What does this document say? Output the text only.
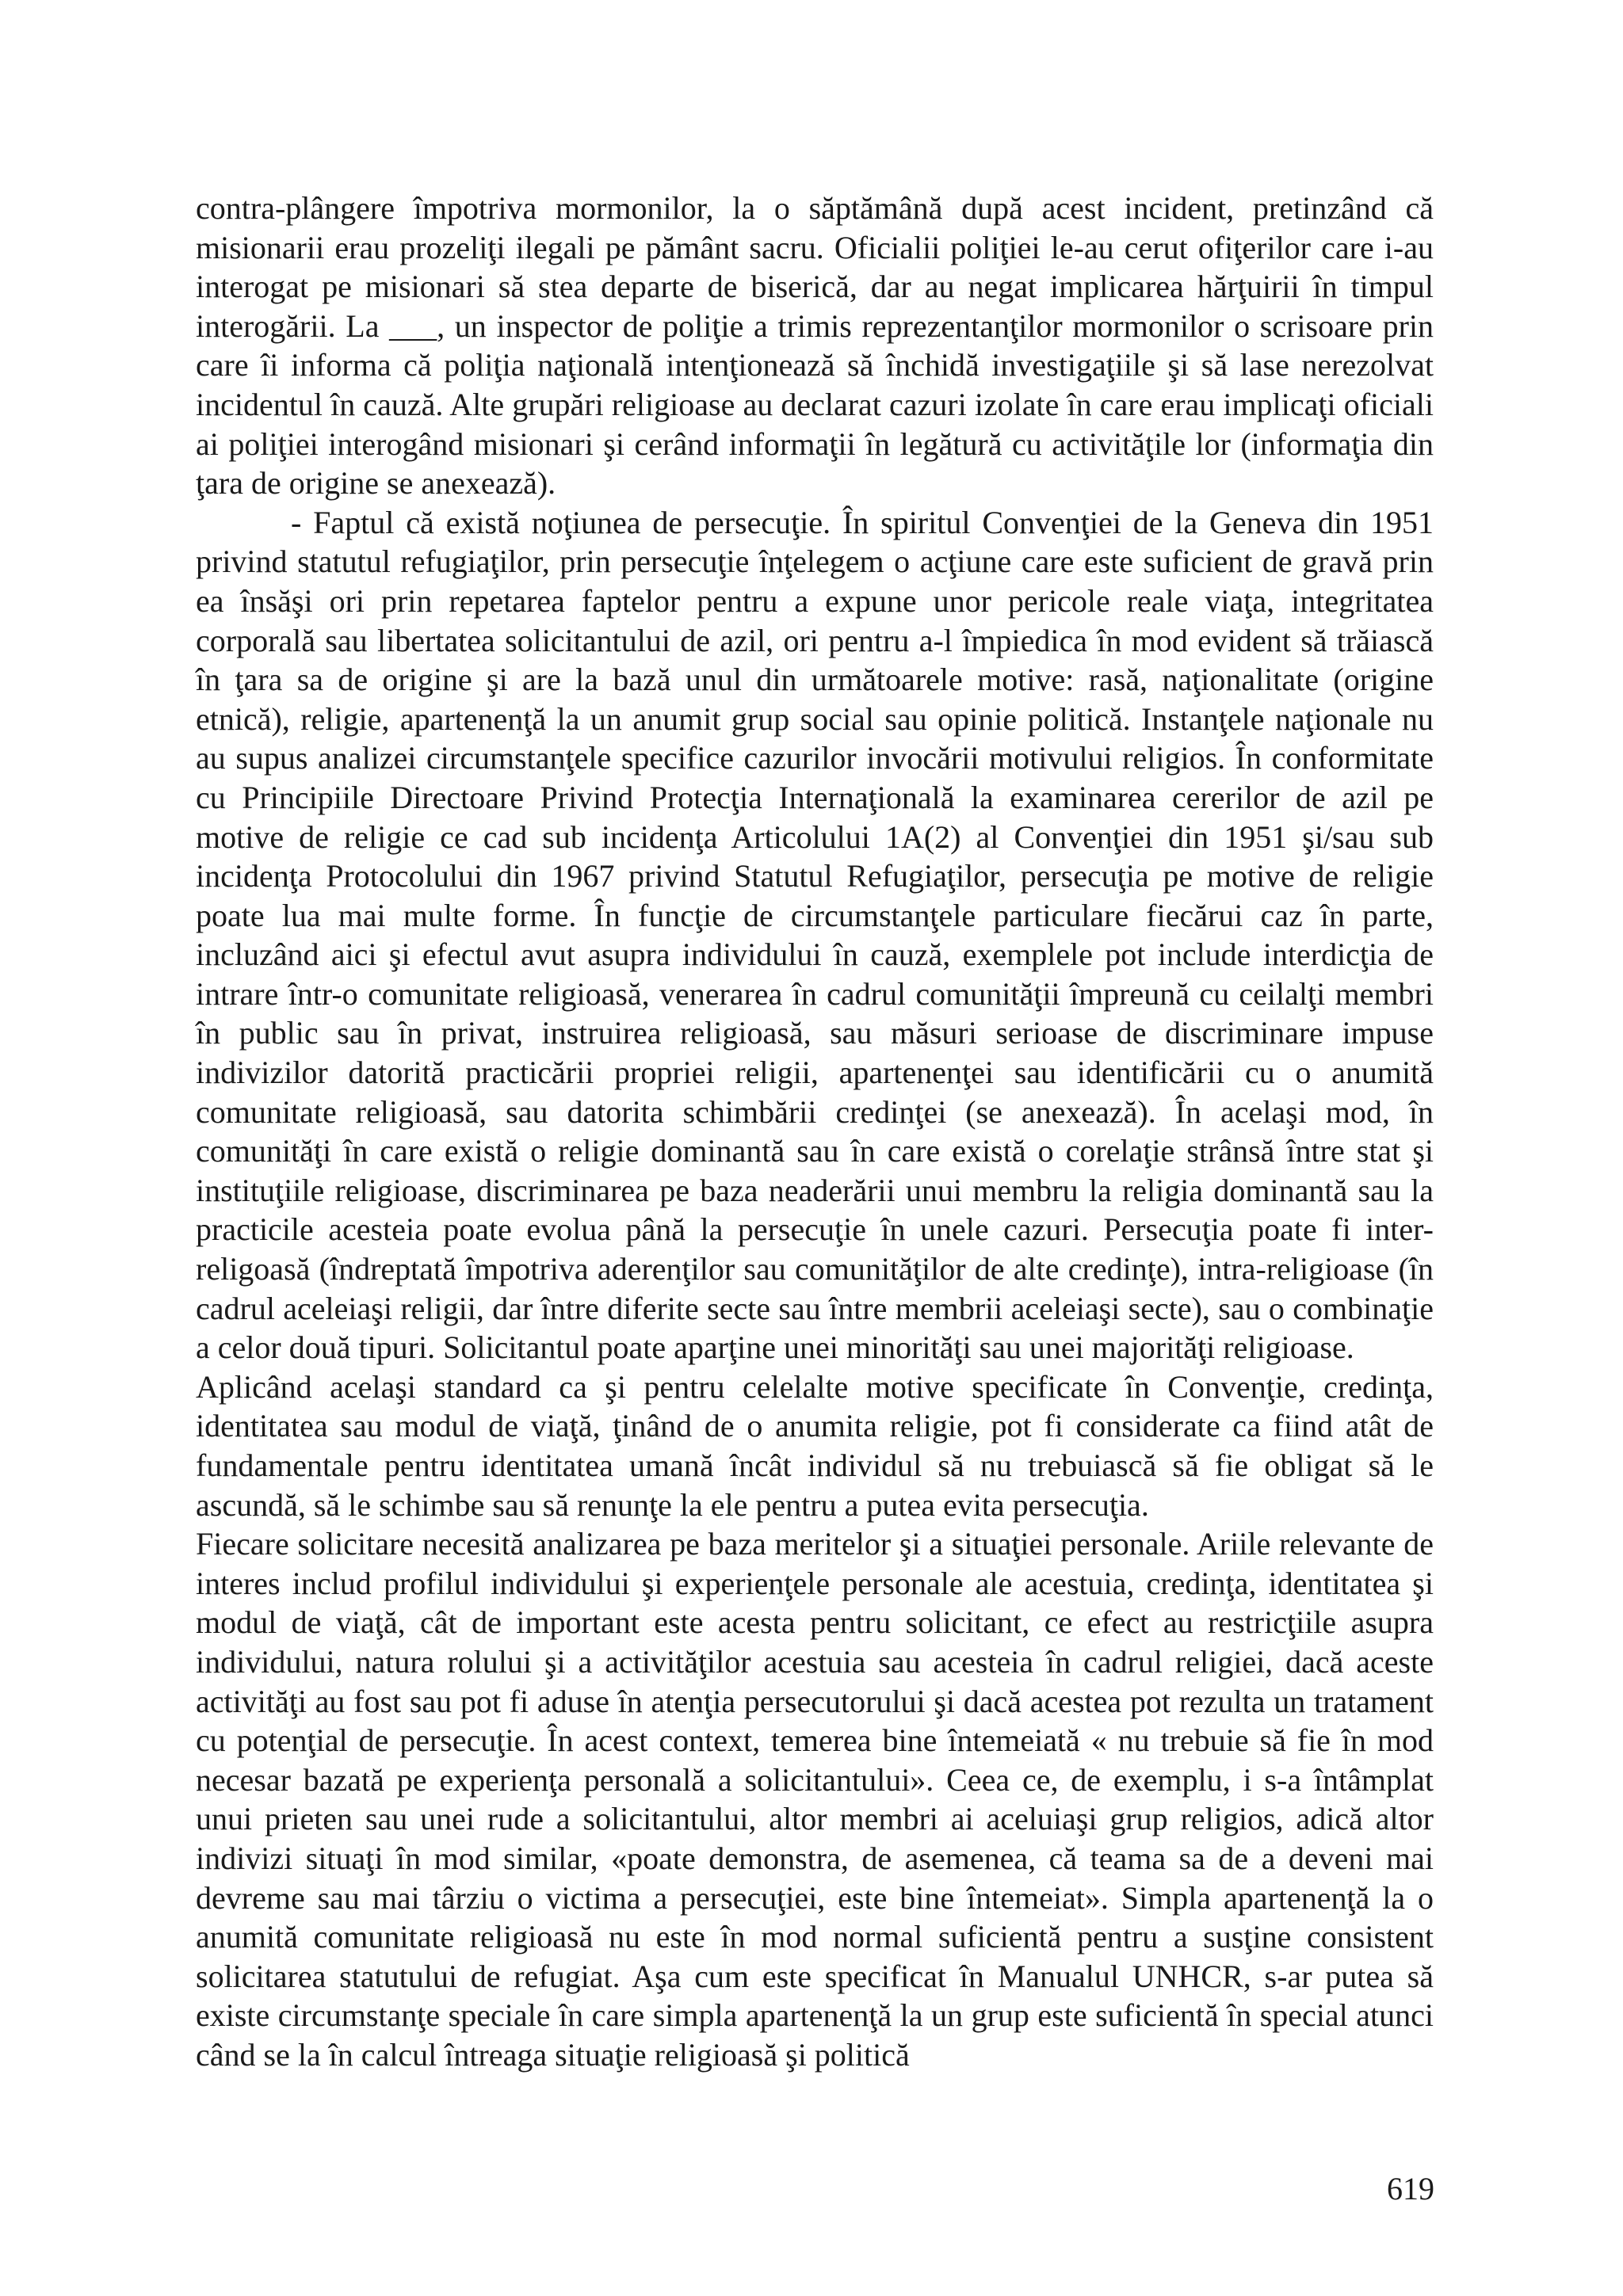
contra-plângere împotriva mormonilor, la o săptămână după acest incident, pretinzând că misionarii erau prozeliţi ilegali pe pământ sacru. Oficialii poliţiei le-au cerut ofiţerilor care i-au interogat pe misionari să stea departe de biserică, dar au negat implicarea hărţuirii în timpul interogării. La ___, un inspector de poliţie a trimis reprezentanţilor mormonilor o scrisoare prin care îi informa că poliţia naţională intenţionează să închidă investigaţiile şi să lase nerezolvat incidentul în cauză. Alte grupări religioase au declarat cazuri izolate în care erau implicaţi oficiali ai poliţiei interogând misionari şi cerând informaţii în legătură cu activităţile lor (informaţia din ţara de origine se anexează).

- Faptul că există noţiunea de persecuţie. În spiritul Convenţiei de la Geneva din 1951 privind statutul refugiaţilor, prin persecuţie înţelegem o acţiune care este suficient de gravă prin ea însăşi ori prin repetarea faptelor pentru a expune unor pericole reale viaţa, integritatea corporală sau libertatea solicitantului de azil, ori pentru a-l împiedica în mod evident să trăiască în ţara sa de origine şi are la bază unul din următoarele motive: rasă, naţionalitate (origine etnică), religie, apartenenţă la un anumit grup social sau opinie politică. Instanţele naţionale nu au supus analizei circumstanţele specifice cazurilor invocării motivului religios. În conformitate cu Principiile Directoare Privind Protecţia Internaţională la examinarea cererilor de azil pe motive de religie ce cad sub incidenţa Articolului 1A(2) al Convenţiei din 1951 şi/sau sub incidenţa Protocolului din 1967 privind Statutul Refugiaţilor, persecuţia pe motive de religie poate lua mai multe forme. În funcţie de circumstanţele particulare fiecărui caz în parte, incluzând aici şi efectul avut asupra individului în cauză, exemplele pot include interdicţia de intrare într-o comunitate religioasă, venerarea în cadrul comunităţii împreună cu ceilalţi membri în public sau în privat, instruirea religioasă, sau măsuri serioase de discriminare impuse indivizilor datorită practicării propriei religii, apartenenţei sau identificării cu o anumită comunitate religioasă, sau datorita schimbării credinţei (se anexează). În acelaşi mod, în comunităţi în care există o religie dominantă sau în care există o corelaţie strânsă între stat şi instituţiile religioase, discriminarea pe baza neaderării unui membru la religia dominantă sau la practicile acesteia poate evolua până la persecuţie în unele cazuri. Persecuţia poate fi inter-religoasă (îndreptată împotriva aderenţilor sau comunităţilor de alte credinţe), intra-religioase (în cadrul aceleiaşi religii, dar între diferite secte sau între membrii aceleiaşi secte), sau o combinaţie a celor două tipuri. Solicitantul poate aparţine unei minorităţi sau unei majorităţi religioase.

Aplicând acelaşi standard ca şi pentru celelalte motive specificate în Convenţie, credinţa, identitatea sau modul de viaţă, ţinând de o anumita religie, pot fi considerate ca fiind atât de fundamentale pentru identitatea umană încât individul să nu trebuiască să fie obligat să le ascundă, să le schimbe sau să renunţe la ele pentru a putea evita persecuţia.

Fiecare solicitare necesită analizarea pe baza meritelor şi a situaţiei personale. Ariile relevante de interes includ profilul individului şi experienţele personale ale acestuia, credinţa, identitatea şi modul de viaţă, cât de important este acesta pentru solicitant, ce efect au restricţiile asupra individului, natura rolului şi a activităţilor acestuia sau acesteia în cadrul religiei, dacă aceste activităţi au fost sau pot fi aduse în atenţia persecutorului şi dacă acestea pot rezulta un tratament cu potenţial de persecuţie. În acest context, temerea bine întemeiată « nu trebuie să fie în mod necesar bazată pe experienţa personală a solicitantului». Ceea ce, de exemplu, i s-a întâmplat unui prieten sau unei rude a solicitantului, altor membri ai aceluiaşi grup religios, adică altor indivizi situaţi în mod similar, «poate demonstra, de asemenea, că teama sa de a deveni mai devreme sau mai târziu o victima a persecuţiei, este bine întemeiat». Simpla apartenenţă la o anumită comunitate religioasă nu este în mod normal suficientă pentru a susţine consistent solicitarea statutului de refugiat. Aşa cum este specificat în Manualul UNHCR, s-ar putea să existe circumstanţe speciale în care simpla apartenenţă la un grup este suficientă în special atunci când se la în calcul întreaga situaţie religioasă şi politică

619
